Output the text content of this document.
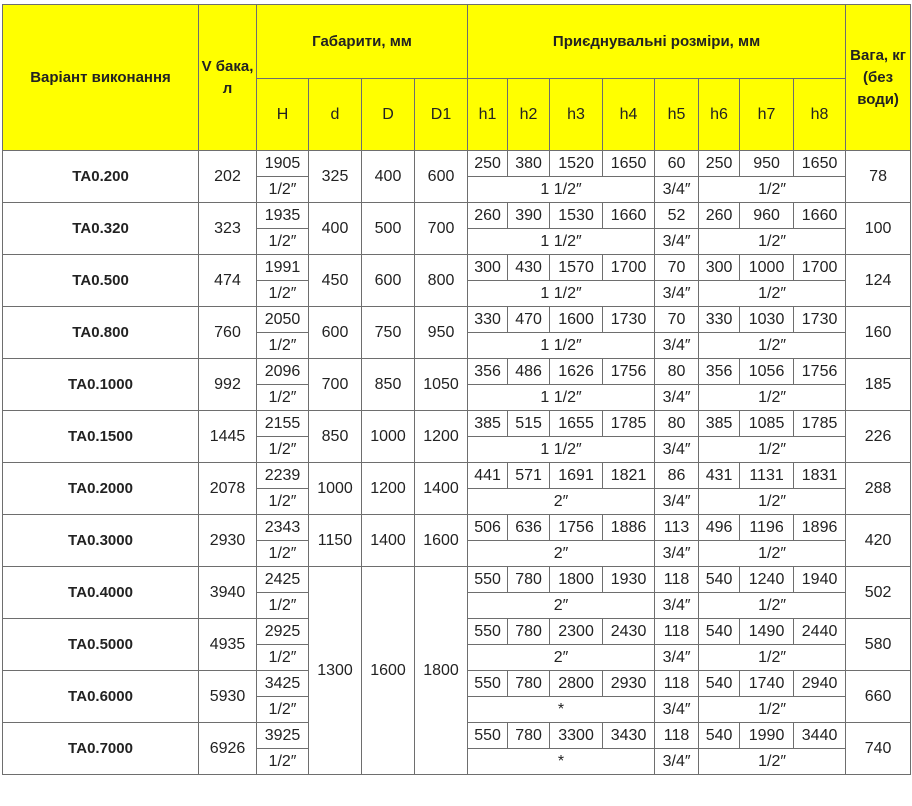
Варіант виконання	V бака, л	Габарити, мм				Приєднувальні розміри, мм								Вага, кг (без води)
		H	d	D	D1	h1	h2	h3	h4	h5	h6	h7	h8	
ТА0.200	202	1905	325	400	600	250	380	1520	1650	60	250	950	1650	78
		1/2″				1 1/2″				3/4″	1/2″			
ТА0.320	323	1935	400	500	700	260	390	1530	1660	52	260	960	1660	100
		1/2″				1 1/2″				3/4″	1/2″			
ТА0.500	474	1991	450	600	800	300	430	1570	1700	70	300	1000	1700	124
		1/2″				1 1/2″				3/4″	1/2″			
ТА0.800	760	2050	600	750	950	330	470	1600	1730	70	330	1030	1730	160
		1/2″				1 1/2″				3/4″	1/2″			
ТА0.1000	992	2096	700	850	1050	356	486	1626	1756	80	356	1056	1756	185
		1/2″				1 1/2″				3/4″	1/2″			
ТА0.1500	1445	2155	850	1000	1200	385	515	1655	1785	80	385	1085	1785	226
		1/2″				1 1/2″				3/4″	1/2″			
ТА0.2000	2078	2239	1000	1200	1400	441	571	1691	1821	86	431	1131	1831	288
		1/2″				2″				3/4″	1/2″			
ТА0.3000	2930	2343	1150	1400	1600	506	636	1756	1886	113	496	1196	1896	420
		1/2″				2″				3/4″	1/2″			
ТА0.4000	3940	2425	1300	1600	1800	550	780	1800	1930	118	540	1240	1940	502
		1/2″				2″				3/4″	1/2″			
ТА0.5000	4935	2925				550	780	2300	2430	118	540	1490	2440	580
		1/2″				2″				3/4″	1/2″			
ТА0.6000	5930	3425				550	780	2800	2930	118	540	1740	2940	660
		1/2″				*				3/4″	1/2″			
ТА0.7000	6926	3925				550	780	3300	3430	118	540	1990	3440	740
		1/2″				*				3/4″	1/2″			
